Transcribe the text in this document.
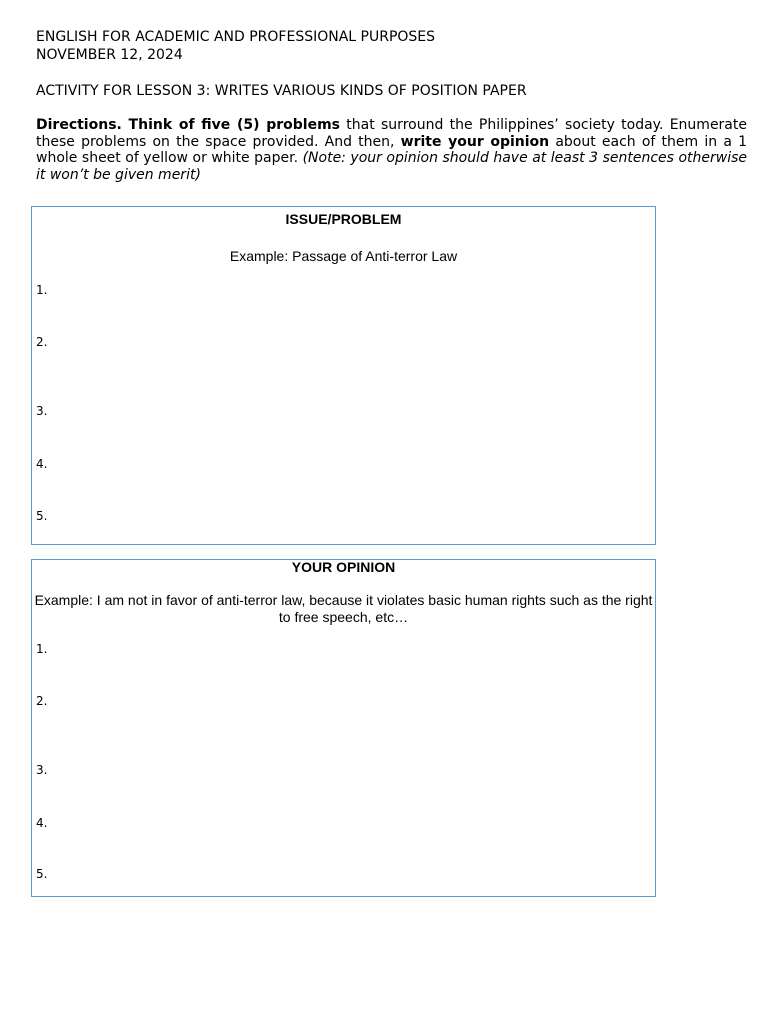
ENGLISH FOR ACADEMIC AND PROFESSIONAL PURPOSES
NOVEMBER 12, 2024
ACTIVITY FOR LESSON 3: WRITES VARIOUS KINDS OF POSITION PAPER

Directions. Think of five (5) problems that surround the Philippines’ society today. Enumerate these problems on the space provided. And then, write your opinion about each of them in a 1 whole sheet of yellow or white paper. (Note: your opinion should have at least 3 sentences otherwise it won’t be given merit)

ISSUE/PROBLEM
Example: Passage of Anti-terror Law
1.
2.
3.
4.
5.
YOUR OPINION
Example: I am not in favor of anti-terror law, because it violates basic human rights such as the right to free speech, etc…
1.
2.
3.
4.
5.
